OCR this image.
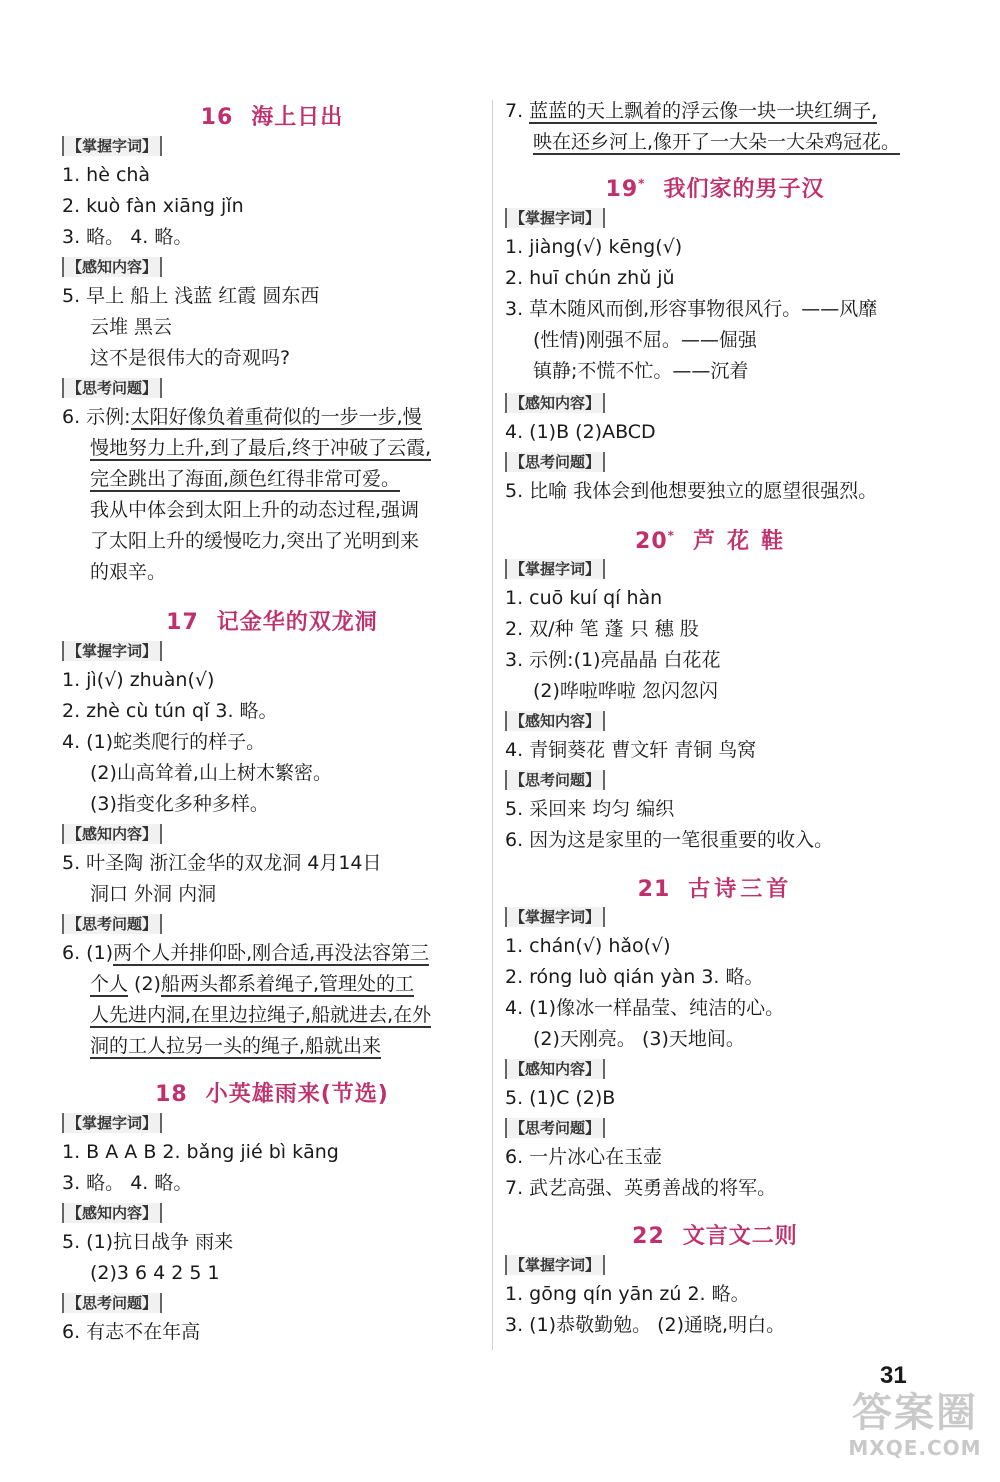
16 海上日出
【掌握字词】
1. hè chà
2. kuò fàn xiāng jǐn
3. 略。 4. 略。
【感知内容】
5. 早上 船上 浅蓝 红霞 圆东西
云堆 黑云
这不是很伟大的奇观吗?
【思考问题】
6. 示例:太阳好像负着重荷似的一步一步,慢
慢地努力上升,到了最后,终于冲破了云霞,
完全跳出了海面,颜色红得非常可爱。
我从中体会到太阳上升的动态过程,强调
了太阳上升的缓慢吃力,突出了光明到来
的艰辛。
17 记金华的双龙洞
【掌握字词】
1. jì(√) zhuàn(√)
2. zhè cù tún qǐ 3. 略。
4. (1)蛇类爬行的样子。
(2)山高耸着,山上树木繁密。
(3)指变化多种多样。
【感知内容】
5. 叶圣陶 浙江金华的双龙洞 4月14日
洞口 外洞 内洞
【思考问题】
6. (1)两个人并排仰卧,刚合适,再没法容第三
个人 (2)船两头都系着绳子,管理处的工
人先进内洞,在里边拉绳子,船就进去,在外
洞的工人拉另一头的绳子,船就出来
18 小英雄雨来(节选)
【掌握字词】
1. B A A B 2. bǎng jié bì kāng
3. 略。 4. 略。
【感知内容】
5. (1)抗日战争 雨来
(2)3 6 4 2 5 1
【思考问题】
6. 有志不在年高
7. 蓝蓝的天上飘着的浮云像一块一块红绸子,
映在还乡河上,像开了一大朵一大朵鸡冠花。
19* 我们家的男子汉
【掌握字词】
1. jiàng(√) kēng(√)
2. huī chún zhǔ jǔ
3. 草木随风而倒,形容事物很风行。——风靡
(性情)刚强不屈。——倔强
镇静;不慌不忙。——沉着
【感知内容】
4. (1)B (2)ABCD
【思考问题】
5. 比喻 我体会到他想要独立的愿望很强烈。
20* 芦花鞋
【掌握字词】
1. cuō kuí qí hàn
2. 双/种 笔 蓬 只 穗 股
3. 示例:(1)亮晶晶 白花花
(2)哗啦哗啦 忽闪忽闪
【感知内容】
4. 青铜葵花 曹文轩 青铜 鸟窝
【思考问题】
5. 采回来 均匀 编织
6. 因为这是家里的一笔很重要的收入。
21 古诗三首
【掌握字词】
1. chán(√) hǎo(√)
2. róng luò qián yàn 3. 略。
4. (1)像冰一样晶莹、纯洁的心。
(2)天刚亮。 (3)天地间。
【感知内容】
5. (1)C (2)B
【思考问题】
6. 一片冰心在玉壶
7. 武艺高强、英勇善战的将军。
22 文言文二则
【掌握字词】
1. gōng qín yān zú 2. 略。
3. (1)恭敬勤勉。 (2)通晓,明白。
31
答案圈
MXQE.COM
